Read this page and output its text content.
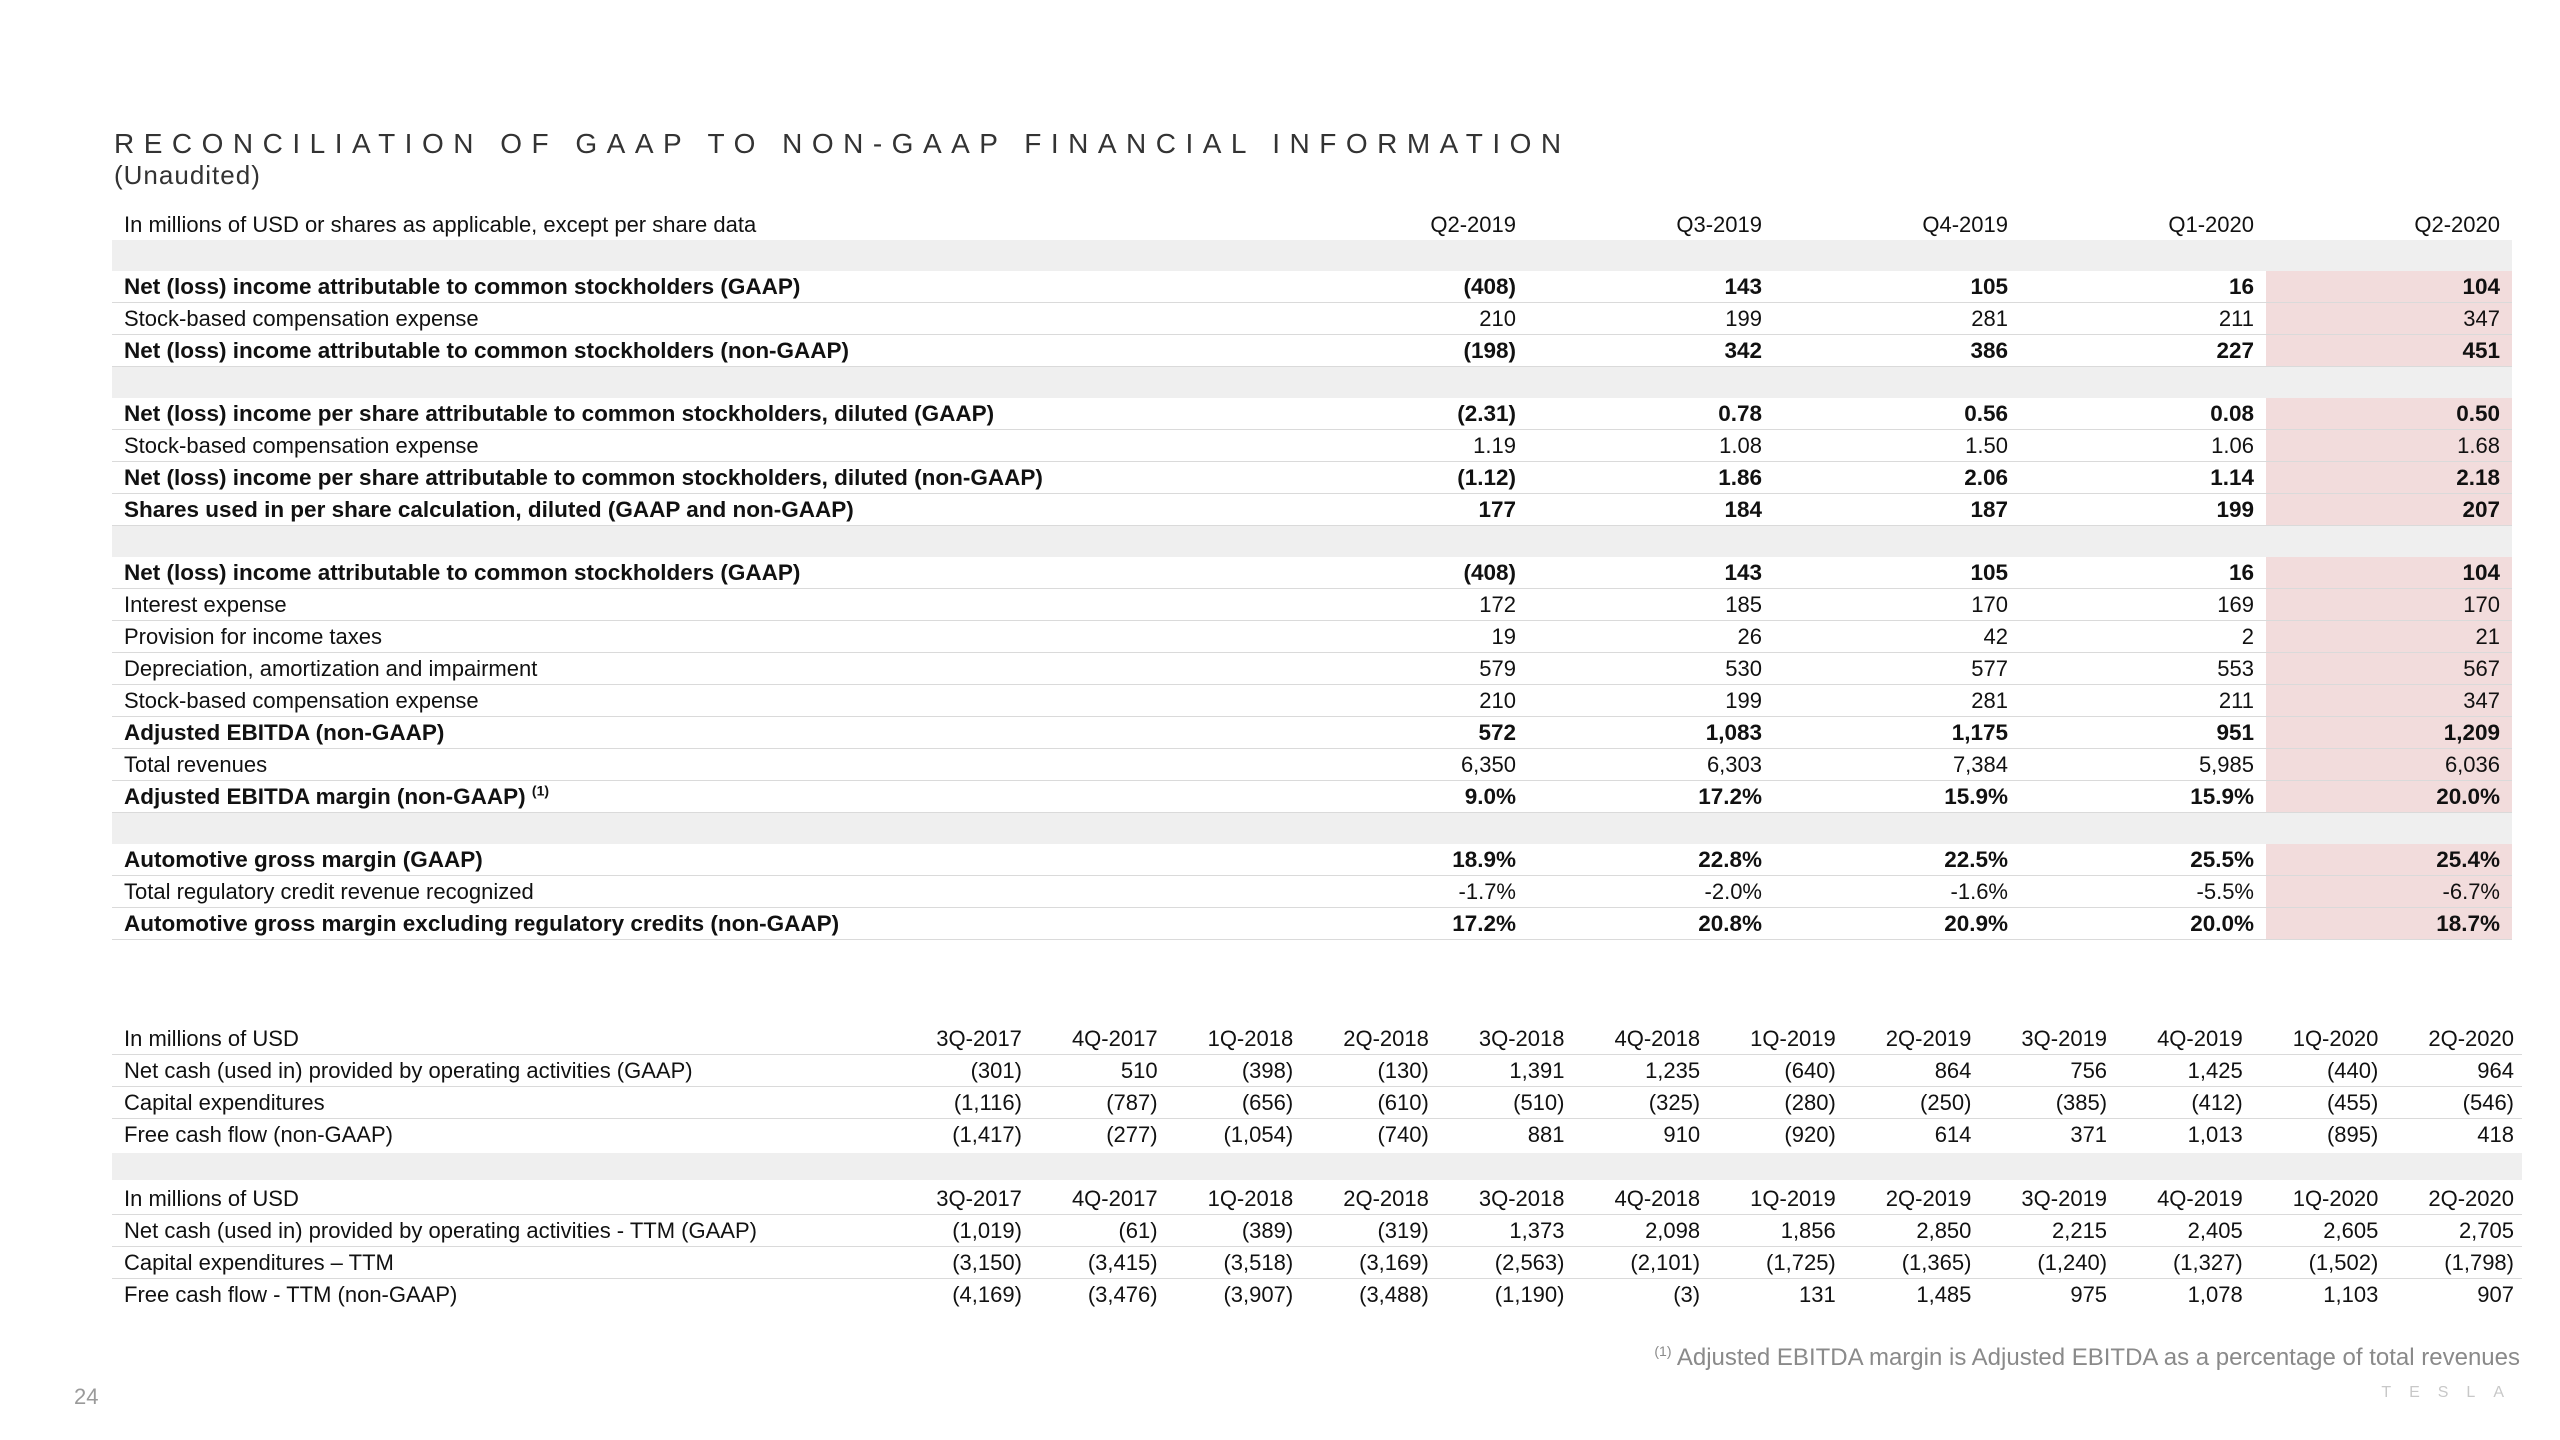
RECONCILIATION OF GAAP TO NON-GAAP FINANCIAL INFORMATION
(Unaudited)
In millions of USD or shares as applicable, except per share data	Q2-2019	Q3-2019	Q4-2019	Q1-2020	Q2-2020

Net (loss) income attributable to common stockholders (GAAP)	(408)	143	105	16	104
Stock-based compensation expense	210	199	281	211	347
Net (loss) income attributable to common stockholders (non-GAAP)	(198)	342	386	227	451

Net (loss) income per share attributable to common stockholders, diluted (GAAP)	(2.31)	0.78	0.56	0.08	0.50
Stock-based compensation expense	1.19	1.08	1.50	1.06	1.68
Net (loss) income per share attributable to common stockholders, diluted (non-GAAP)	(1.12)	1.86	2.06	1.14	2.18
Shares used in per share calculation, diluted (GAAP and non-GAAP)	177	184	187	199	207

Net (loss) income attributable to common stockholders (GAAP)	(408)	143	105	16	104
Interest expense	172	185	170	169	170
Provision for income taxes	19	26	42	2	21
Depreciation, amortization and impairment	579	530	577	553	567
Stock-based compensation expense	210	199	281	211	347
Adjusted EBITDA (non-GAAP)	572	1,083	1,175	951	1,209
Total revenues	6,350	6,303	7,384	5,985	6,036
Adjusted EBITDA margin (non-GAAP) $^{(1)}$	9.0%	17.2%	15.9%	15.9%	20.0%

Automotive gross margin (GAAP)	18.9%	22.8%	22.5%	25.5%	25.4%
Total regulatory credit revenue recognized	-1.7%	-2.0%	-1.6%	-5.5%	-6.7%
Automotive gross margin excluding regulatory credits (non-GAAP)	17.2%	20.8%	20.9%	20.0%	18.7%
In millions of USD	3Q-2017	4Q-2017	1Q-2018	2Q-2018	3Q-2018	4Q-2018	1Q-2019	2Q-2019	3Q-2019	4Q-2019	1Q-2020	2Q-2020
Net cash (used in) provided by operating activities (GAAP)	(301)	510	(398)	(130)	1,391	1,235	(640)	864	756	1,425	(440)	964
Capital expenditures	(1,116)	(787)	(656)	(610)	(510)	(325)	(280)	(250)	(385)	(412)	(455)	(546)
Free cash flow (non-GAAP)	(1,417)	(277)	(1,054)	(740)	881	910	(920)	614	371	1,013	(895)	418
In millions of USD	3Q-2017	4Q-2017	1Q-2018	2Q-2018	3Q-2018	4Q-2018	1Q-2019	2Q-2019	3Q-2019	4Q-2019	1Q-2020	2Q-2020
Net cash (used in) provided by operating activities - TTM (GAAP)	(1,019)	(61)	(389)	(319)	1,373	2,098	1,856	2,850	2,215	2,405	2,605	2,705
Capital expenditures – TTM	(3,150)	(3,415)	(3,518)	(3,169)	(2,563)	(2,101)	(1,725)	(1,365)	(1,240)	(1,327)	(1,502)	(1,798)
Free cash flow - TTM (non-GAAP)	(4,169)	(3,476)	(3,907)	(3,488)	(1,190)	(3)	131	1,485	975	1,078	1,103	907
$^{(1)}$ Adjusted EBITDA margin is Adjusted EBITDA as a percentage of total revenues
24	TESLA
